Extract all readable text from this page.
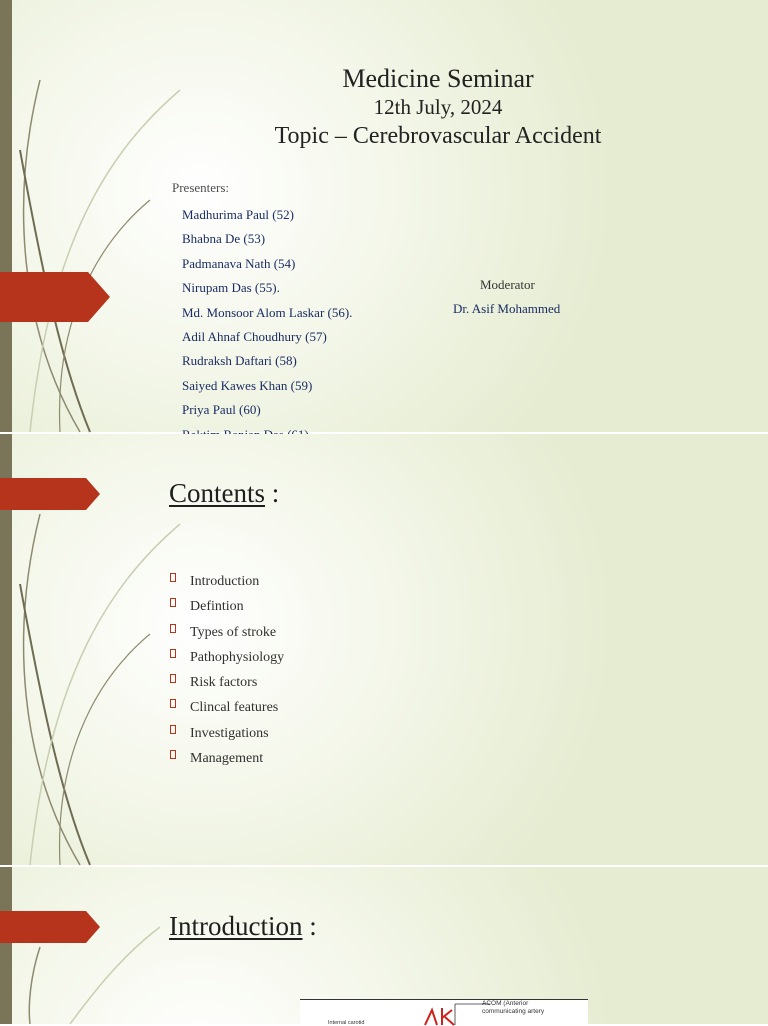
Medicine Seminar
12th July, 2024
Topic – Cerebrovascular Accident
Presenters:
Madhurima Paul (52)
Bhabna De (53)
Padmanava Nath (54)
Nirupam Das (55).
Md. Monsoor Alom Laskar (56).
Adil Ahnaf Choudhury (57)
Rudraksh Daftari (58)
Saiyed Kawes Khan (59)
Priya Paul (60)
Moderator
Dr. Asif Mohammed
Contents :
Introduction
Defintion
Types of stroke
Pathophysiology
Risk factors
Clincal features
Investigations
Management
Introduction :
ACOM (Anterior communicating artery
Internal carotid
